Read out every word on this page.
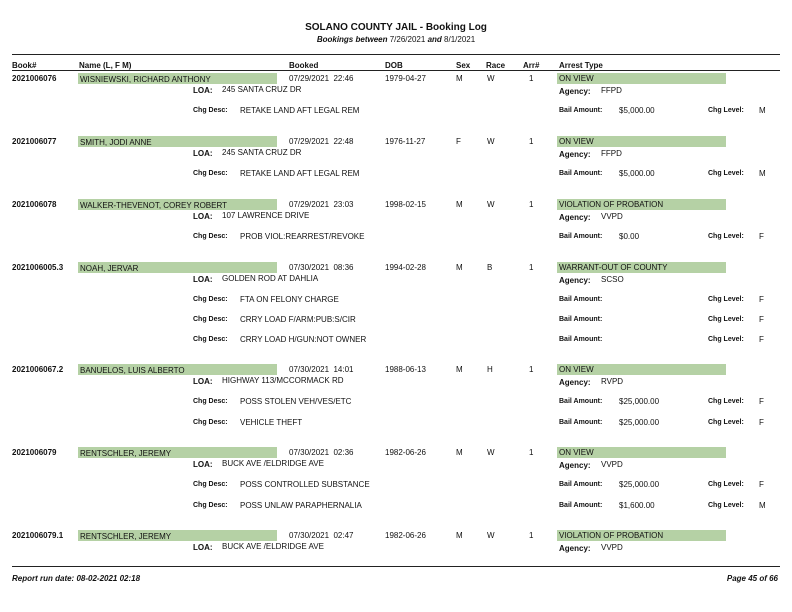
SOLANO COUNTY JAIL - Booking Log
Bookings between 7/26/2021 and 8/1/2021
Book#	Name (L, F M)	Booked	DOB	Sex Race Arr# Arrest Type
2021006076	WISNIEWSKI, RICHARD ANTHONY	07/29/2021  22:46	1979-04-27	M	W	1	ON VIEW
LOA: 245 SANTA CRUZ DR	Agency: FFPD
Chg Desc: RETAKE LAND AFT LEGAL REM	Bail Amount: $5,000.00	Chg Level: M
2021006077	SMITH, JODI ANNE	07/29/2021  22:48	1976-11-27	F	W	1	ON VIEW
LOA: 245 SANTA CRUZ DR	Agency: FFPD
Chg Desc: RETAKE LAND AFT LEGAL REM	Bail Amount: $5,000.00	Chg Level: M
2021006078	WALKER-THEVENOT, COREY ROBERT	07/29/2021  23:03	1998-02-15	M	W	1	VIOLATION OF PROBATION
LOA: 107 LAWRENCE DRIVE	Agency: VVPD
Chg Desc: PROB VIOL:REARREST/REVOKE	Bail Amount: $0.00	Chg Level: F
2021006005.3 NOAH, JERVAR	07/30/2021  08:36	1994-02-28	M	B	1	WARRANT-OUT OF COUNTY
LOA: GOLDEN ROD AT DAHLIA	Agency: SCSO
Chg Desc: FTA ON FELONY CHARGE	Bail Amount:	Chg Level: F
Chg Desc: CRRY LOAD F/ARM:PUB:S/CIR	Bail Amount:	Chg Level: F
Chg Desc: CRRY LOAD H/GUN:NOT OWNER	Bail Amount:	Chg Level: F
2021006067.2 BANUELOS, LUIS ALBERTO	07/30/2021  14:01	1988-06-13	M	H	1	ON VIEW
LOA: HIGHWAY 113/MCCORMACK RD	Agency: RVPD
Chg Desc: POSS STOLEN VEH/VES/ETC	Bail Amount: $25,000.00	Chg Level: F
Chg Desc: VEHICLE THEFT	Bail Amount: $25,000.00	Chg Level: F
2021006079	RENTSCHLER, JEREMY	07/30/2021  02:36	1982-06-26	M	W	1	ON VIEW
LOA: BUCK AVE /ELDRIDGE AVE	Agency: VVPD
Chg Desc: POSS CONTROLLED SUBSTANCE	Bail Amount: $25,000.00	Chg Level: F
Chg Desc: POSS UNLAW PARAPHERNALIA	Bail Amount: $1,600.00	Chg Level: M
2021006079.1 RENTSCHLER, JEREMY	07/30/2021  02:47	1982-06-26	M	W	1	VIOLATION OF PROBATION
LOA: BUCK AVE /ELDRIDGE AVE	Agency: VVPD
Report run date: 08-02-2021 02:18	Page 45 of 66
